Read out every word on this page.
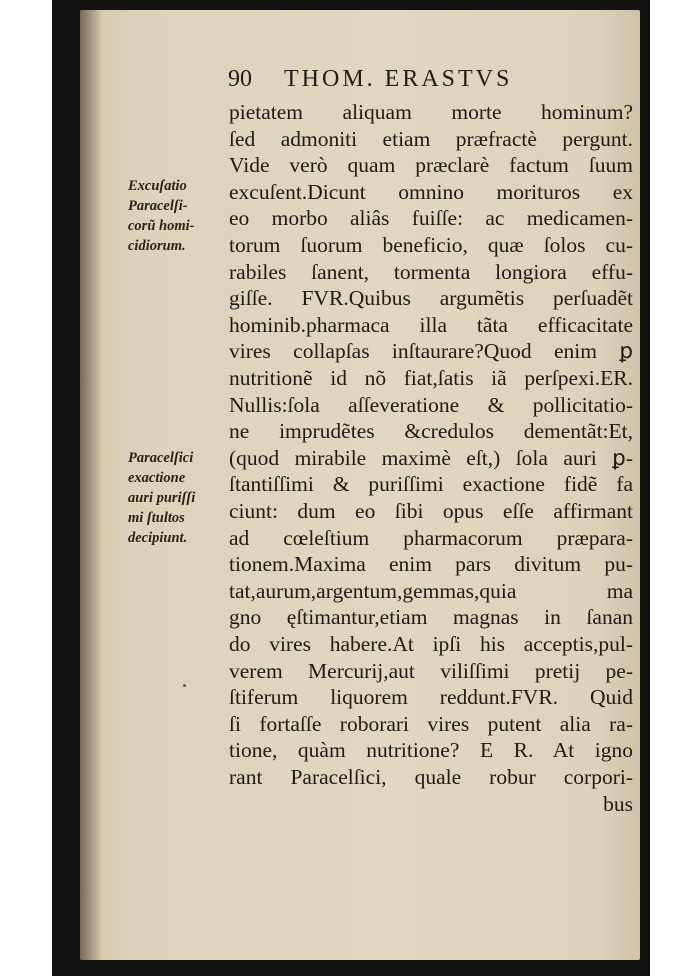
90 THOM. ERASTVS
pietatem aliquam morte hominum?
ſed admoniti etiam præfractè pergunt.
Vide verò quam præclarè factum ſuum
excuſent.Dicunt omnino morituros ex
eo morbo aliâs fuiſſe: ac medicamen-
torum ſuorum beneficio, quæ ſolos cu-
rabiles ſanent, tormenta longiora effu-
giſſe. FVR.Quibus argumẽtis perſuadẽt
hominib.pharmaca illa tãta efficacitate
vires collapſas inſtaurare?Quod enim ꝑ
nutritionẽ id nõ fiat,ſatis iã perſpexi.ER.
Nullis:ſola aſſeveratione & pollicitatio-
ne imprudẽtes &credulos dementãt:Et,
(quod mirabile maximè eſt,) ſola auri ꝑ-
ſtantiſſimi & puriſſimi exactione fidẽ fa
ciunt: dum eo ſibi opus eſſe affirmant
ad cœleſtium pharmacorum præpara-
tionem.Maxima enim pars divitum pu-
tat,aurum,argentum,gemmas,quia ma
gno ęſtimantur,etiam magnas in ſanan
do vires habere.At ipſi his acceptis,pul-
verem Mercurij,aut viliſſimi pretij pe-
ſtiferum liquorem reddunt.FVR. Quid
ſi fortaſſe roborari vires putent alia ra-
tione, quàm nutritione? E R. At igno
rant Paracelſici, quale robur corpori-
bus
Excuſatio
Paracelſi-
corũ homi-
cidiorum.
Paracelſici
exactione
auri puriſſi
mi ſtultos
decipiunt.
